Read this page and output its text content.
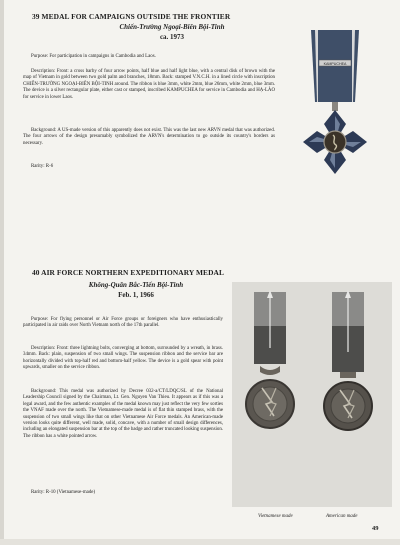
39 MEDAL FOR CAMPAIGNS OUTSIDE THE FRONTIER
Chiến-Trường Ngoại-Biên Bội-Tinh
ca. 1973

Purpose: For participation in campaigns in Cambodia and Laos.

Description: Front: a cross barby of four arrow points, half blue and half light blue, with a central disk of brown with the map of Vietnam in gold between two gold palm and branches, 18mm. Back: stamped V.N.C.H. in a lined circle with inscription CHIẾN-TRƯỜNG NGOẠI-BIÊN BỘI-TINH around. The ribbon is blue 3mm, white 2mm, blue 26mm, white 2mm, blue 3mm. The device is a silver rectangular plate, either cast or stamped, inscribed KAMPUCHEA for service in Cambodia and HẠ-LÀO for service in lower Laos.

Background: A US-made version of this apparently does not exist. This was the last new ARVN medal that was authorized. The four arrows of the design presumably symbolized the ARVN's determination to go outside its country's borders as necessary.

Rarity: R-6

KAMPUCHEA
40 AIR FORCE NORTHERN EXPEDITIONARY MEDAL
Không-Quân Bắc-Tiến Bội-Tinh
Feb. 1, 1966

Purpose: For flying personnel or Air Force groups or foreigners who have enthusiastically participated in air raids over North Vietnam north of the 17th parallel.

Description: Front: three lightning bolts, converging at bottom, surrounded by a wreath, in brass. 34mm. Back: plain, suspension of two small wings. The suspension ribbon and the service bar are horizontally divided with top-half red and bottom-half yellow. The device is a gold spear with point upwards, smaller on the service ribbon.

Background: This medal was authorized by Decree 032-a/CT/LDQC/SL of the National Leadership Council signed by the Chairman, Lt. Gen. Nguyen Van Thieu. It appears as if this was a legal award, and the few authentic examples of the medal known may just reflect the very few sorties the VNAF made over the north. The Vietnamese-made medal is of flat thin stamped brass, with the suspension of two small wings like that on other Vietnamese Air Force medals. An American-made version looks quite different, well made, solid, concave, with a number of small design differences, including an elongated suspension bar at the top of the badge and rather truncated looking suspension. The ribbon has a white pointed arrow.

Rarity: R-10 (Vietnamese-made)

Vietnamese made	American made
49
